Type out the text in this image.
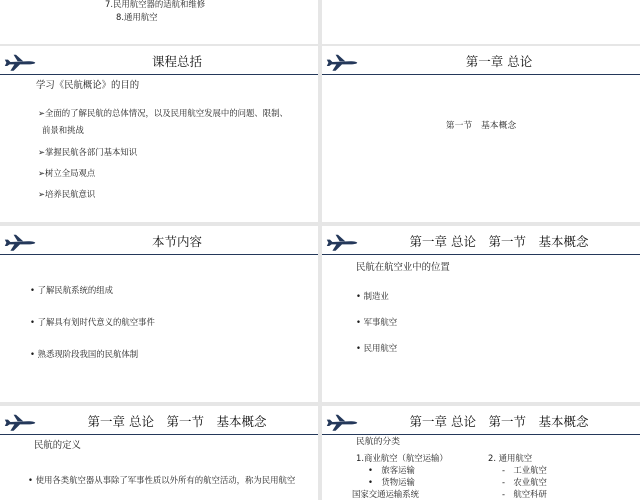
7.民用航空器的适航和维修
8.通用航空
课程总括
学习《民航概论》的目的
➢全面的了解民航的总体情况，以及民用航空发展中的问题、限制、
前景和挑战
➢掌握民航各部门基本知识
➢树立全局观点
➢培养民航意识
第一章 总论
第一节　基本概念
本节内容
• 了解民航系统的组成
• 了解具有划时代意义的航空事件
• 熟悉现阶段我国的民航体制
第一章 总论　第一节　基本概念
民航在航空业中的位置
• 制造业
• 军事航空
• 民用航空
第一章 总论　第一节　基本概念
民航的定义
• 使用各类航空器从事除了军事性质以外所有的航空活动，称为民用航空
第一章 总论　第一节　基本概念
民航的分类
1.商业航空（航空运输）
•　旅客运输
•　货物运输
国家交通运输系统
2. 通用航空
-　工业航空
-　农业航空
-　航空科研
